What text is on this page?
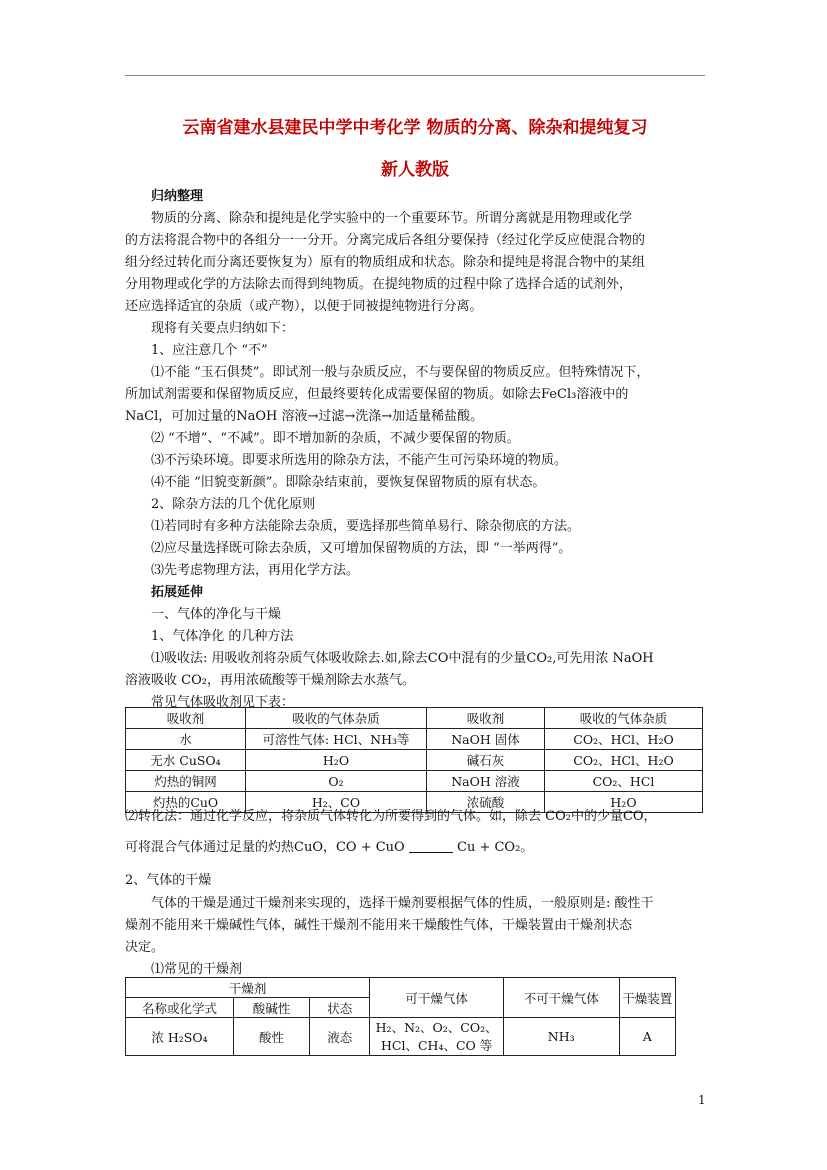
云南省建水县建民中学中考化学 物质的分离、除杂和提纯复习
新人教版
归纳整理
物质的分离、除杂和提纯是化学实验中的一个重要环节。所谓分离就是用物理或化学
的方法将混合物中的各组分一一分开。分离完成后各组分要保持（经过化学反应使混合物的
组分经过转化而分离还要恢复为）原有的物质组成和状态。除杂和提纯是将混合物中的某组
分用物理或化学的方法除去而得到纯物质。在提纯物质的过程中除了选择合适的试剂外，
还应选择适宜的杂质（或产物），以便于同被提纯物进行分离。
现将有关要点归纳如下：
1、应注意几个 “不”
⑴不能 “玉石俱焚”。即试剂一般与杂质反应，不与要保留的物质反应。但特殊情况下，
所加试剂需要和保留物质反应，但最终要转化成需要保留的物质。如除去FeCl₃溶液中的
NaCl，可加过量的NaOH 溶液→过滤→洗涤→加适量稀盐酸。
⑵ “不增”、“不减”。即不增加新的杂质，不减少要保留的物质。
⑶不污染环境。即要求所选用的除杂方法，不能产生可污染环境的物质。
⑷不能 “旧貌变新颜”。即除杂结束前，要恢复保留物质的原有状态。
2、除杂方法的几个优化原则
⑴若同时有多种方法能除去杂质，要选择那些简单易行、除杂彻底的方法。
⑵应尽量选择既可除去杂质，又可增加保留物质的方法，即 “一举两得”。
⑶先考虑物理方法，再用化学方法。
拓展延伸
一、气体的净化与干燥
1、气体净化 的几种方法
⑴吸收法: 用吸收剂将杂质气体吸收除去.如,除去CO中混有的少量CO₂,可先用浓 NaOH
溶液吸收 CO₂，再用浓硫酸等干燥剂除去水蒸气。
常见气体吸收剂见下表：
吸收剂	吸收的气体杂质	吸收剂	吸收的气体杂质
水	可溶性气体: HCl、NH₃等	NaOH 固体	CO₂、HCl、H₂O
无水 CuSO₄	H₂O	碱石灰	CO₂、HCl、H₂O
灼热的铜网	O₂	NaOH 溶液	CO₂、HCl
灼热的CuO	H₂、CO	浓硫酸	H₂O
⑵转化法：通过化学反应，将杂质气体转化为所要得到的气体。如，除去 CO₂中的少量CO，
可将混合气体通过足量的灼热CuO，CO + CuO	Cu + CO₂。
2、气体的干燥
气体的干燥是通过干燥剂来实现的，选择干燥剂要根据气体的性质，一般原则是: 酸性干
燥剂不能用来干燥碱性气体，碱性干燥剂不能用来干燥酸性气体，干燥装置由干燥剂状态
决定。
⑴常见的干燥剂
干燥剂			可干燥气体	不可干燥气体	干燥装置
名称或化学式	酸碱性	状态			
浓 H₂SO₄	酸性	液态	H₂、N₂、O₂、CO₂、
HCl、CH₄、CO 等	NH₃	A
1
